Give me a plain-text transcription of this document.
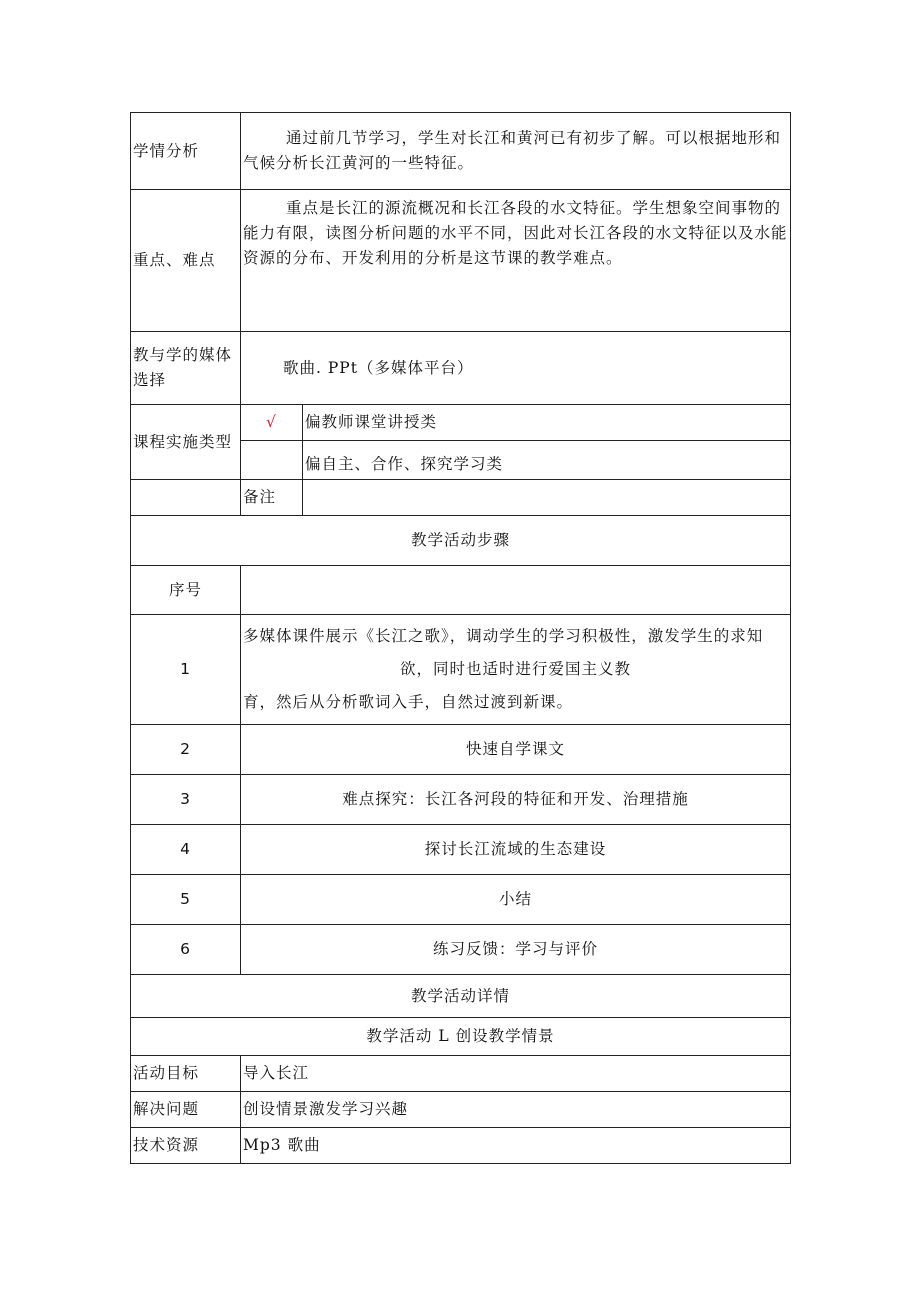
学情分析	通过前几节学习，学生对长江和黄河已有初步了解。可以根据地形和气候分析长江黄河的一些特征。	
重点、难点	重点是长江的源流概况和长江各段的水文特征。学生想象空间事物的能力有限，读图分析问题的水平不同，因此对长江各段的水文特征以及水能资源的分布、开发利用的分析是这节课的教学难点。	
教与学的媒体选择	歌曲. PPt（多媒体平台）	
课程实施类型	√	偏教师课堂讲授类
		偏自主、合作、探究学习类
	备注	
教学活动步骤		
序号		
1	多媒体课件展示《长江之歌》，调动学生的学习积极性，激发学生的求知
欲，同时也适时进行爱国主义教
育，然后从分析歌词入手，自然过渡到新课。	

2	快速自学课文	
3	难点探究：长江各河段的特征和开发、治理措施	
4	探讨长江流域的生态建设	
5	小结	
6	练习反馈：学习与评价	
教学活动详情		
教学活动 L 创设教学情景		
活动目标	导入长江	
解决问题	创设情景激发学习兴趣	
技术资源	Mp3 歌曲	
